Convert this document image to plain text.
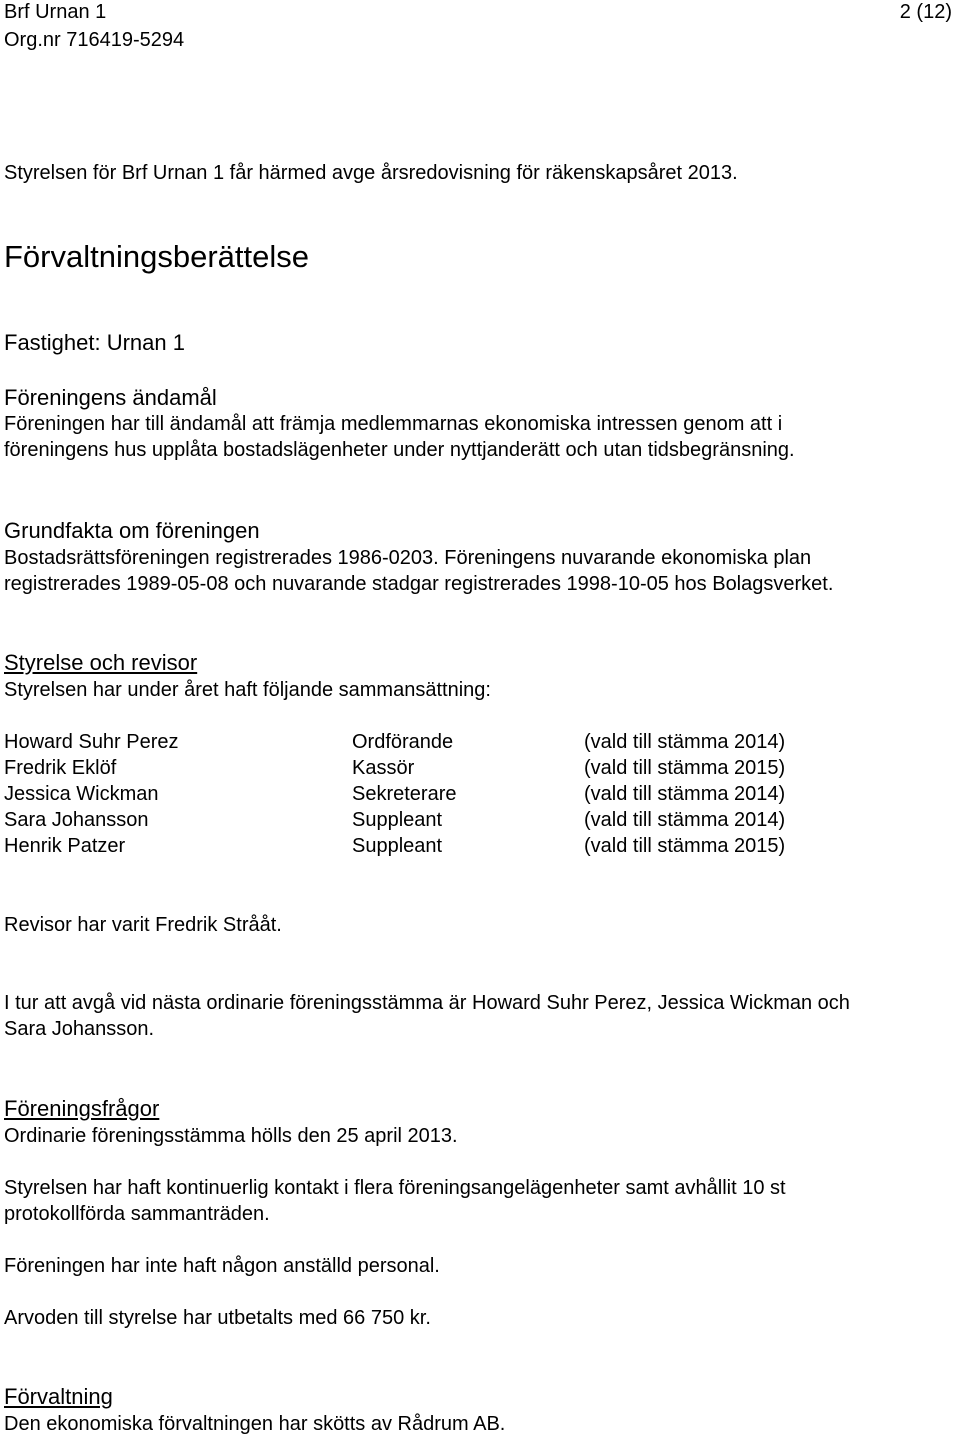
Brf Urnan 1
Org.nr 716419-5294
2 (12)
Styrelsen för Brf Urnan 1 får härmed avge årsredovisning för räkenskapsåret 2013.
Förvaltningsberättelse
Fastighet: Urnan 1
Föreningens ändamål
Föreningen har till ändamål att främja medlemmarnas ekonomiska intressen genom att i
föreningens hus upplåta bostadslägenheter under nyttjanderätt och utan tidsbegränsning.
Grundfakta om föreningen
Bostadsrättsföreningen registrerades 1986-0203. Föreningens nuvarande ekonomiska plan
registrerades 1989-05-08 och nuvarande stadgar registrerades 1998-10-05 hos Bolagsverket.
Styrelse och revisor
Styrelsen har under året haft följande sammansättning:
Howard Suhr Perez	Ordförande	(vald till stämma 2014)
Fredrik Eklöf	Kassör	(vald till stämma 2015)
Jessica Wickman	Sekreterare	(vald till stämma 2014)
Sara Johansson	Suppleant	(vald till stämma 2014)
Henrik Patzer	Suppleant	(vald till stämma 2015)
Revisor har varit Fredrik Strååt.
I tur att avgå vid nästa ordinarie föreningsstämma är Howard Suhr Perez, Jessica Wickman och
Sara Johansson.
Föreningsfrågor
Ordinarie föreningsstämma hölls den 25 april 2013.
Styrelsen har haft kontinuerlig kontakt i flera föreningsangelägenheter samt avhållit 10 st
protokollförda sammanträden.
Föreningen har inte haft någon anställd personal.
Arvoden till styrelse har utbetalts med 66 750 kr.
Förvaltning
Den ekonomiska förvaltningen har skötts av Rådrum AB.
